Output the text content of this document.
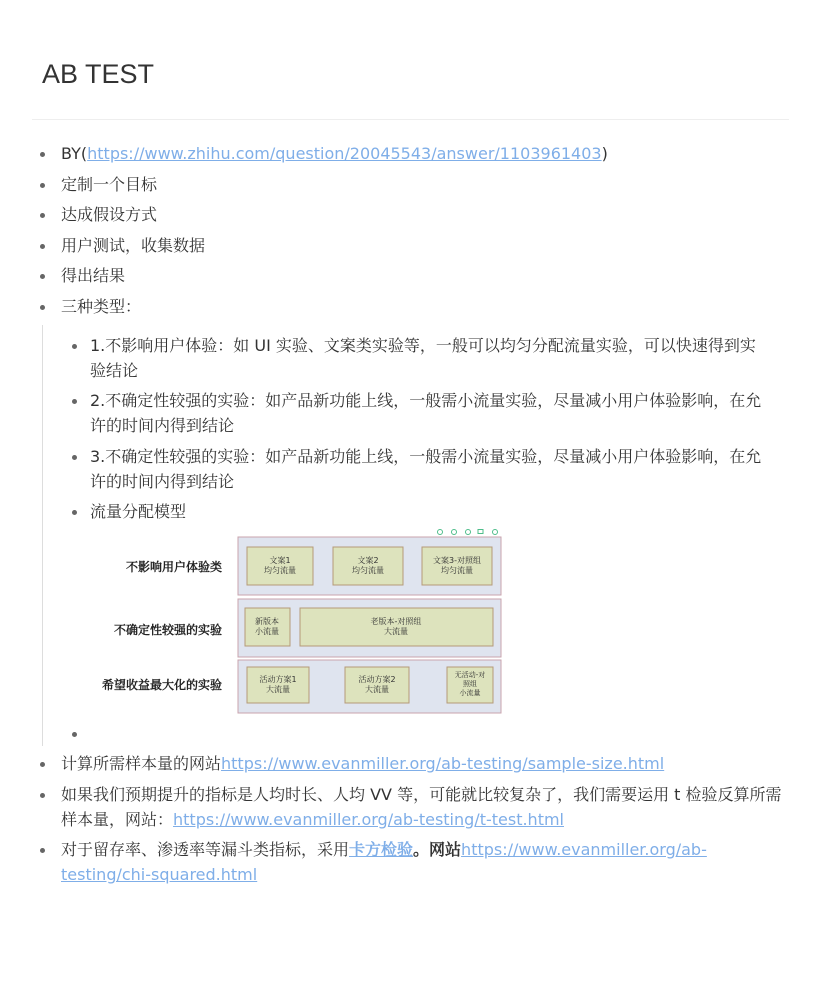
AB TEST
BY(https://www.zhihu.com/question/20045543/answer/1103961403)
定制一个目标
达成假设方式
用户测试，收集数据
得出结果
三种类型：
1.不影响用户体验：如 UI 实验、文案类实验等，一般可以均匀分配流量实验，可以快速得到实验结论
2.不确定性较强的实验：如产品新功能上线，一般需小流量实验，尽量减小用户体验影响，在允许的时间内得到结论
3.不确定性较强的实验：如产品新功能上线，一般需小流量实验，尽量减小用户体验影响，在允许的时间内得到结论
流量分配模型
不影响用户体验类	文案1
均匀流量
文案2
均匀流量
文案3-对照组
均匀流量
不确定性较强的实验
新版本
小流量
老版本-对照组
大流量
希望收益最大化的实验	活动方案1
大流量
活动方案2
大流量
无活动-对
照组
小流量
计算所需样本量的网站https://www.evanmiller.org/ab-testing/sample-size.html
如果我们预期提升的指标是人均时长、人均 VV 等，可能就比较复杂了，我们需要运用 t 检验反算所需样本量，网站：https://www.evanmiller.org/ab-testing/t-test.html
对于留存率、渗透率等漏斗类指标，采用卡方检验。网站https://www.evanmiller.org/ab-testing/chi-squared.html
